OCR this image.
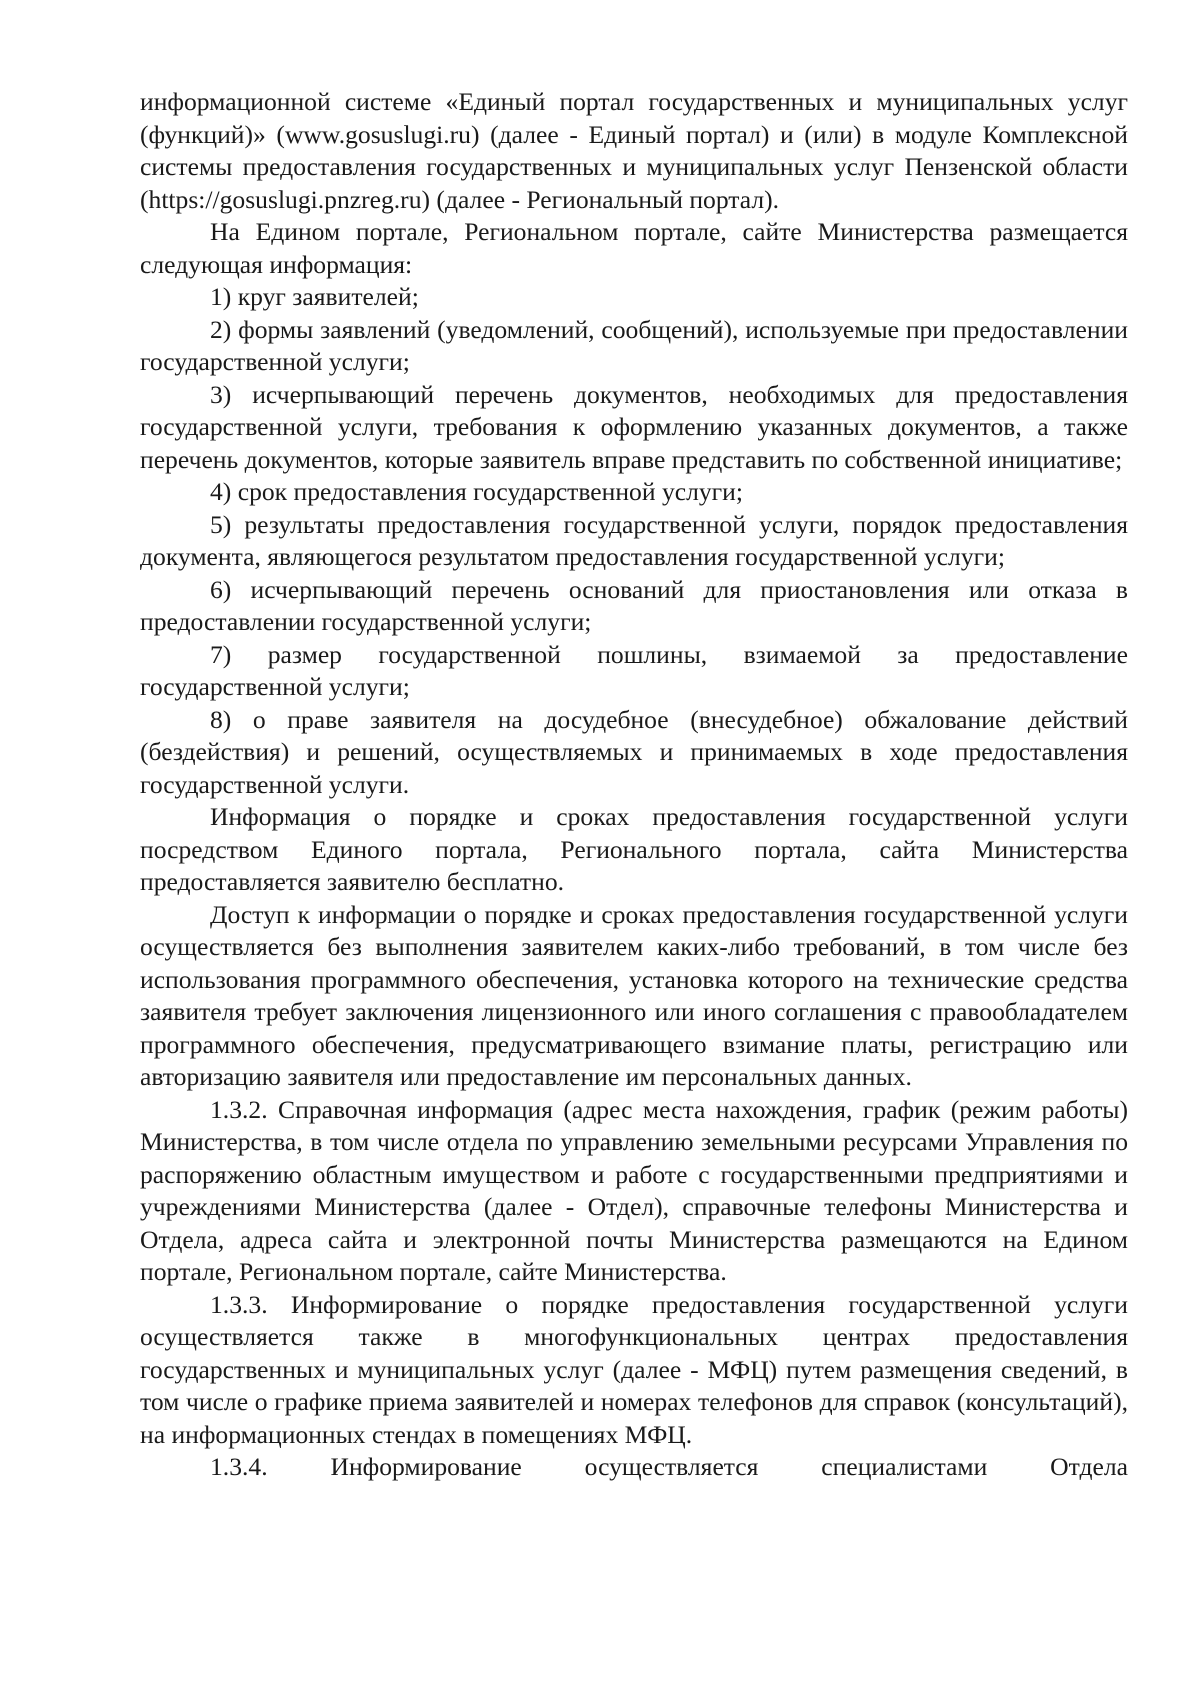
информационной системе «Единый портал государственных и муниципальных услуг (функций)» (www.gosuslugi.ru) (далее - Единый портал) и (или) в модуле Комплексной системы предоставления государственных и муниципальных услуг Пензенской области (https://gosuslugi.pnzreg.ru) (далее - Региональный портал).

На Едином портале, Региональном портале, сайте Министерства размещается следующая информация:

1) круг заявителей;

2) формы заявлений (уведомлений, сообщений), используемые при предоставлении государственной услуги;

3) исчерпывающий перечень документов, необходимых для предоставления государственной услуги, требования к оформлению указанных документов, а также перечень документов, которые заявитель вправе представить по собственной инициативе;

4) срок предоставления государственной услуги;

5) результаты предоставления государственной услуги, порядок предоставления документа, являющегося результатом предоставления государственной услуги;

6) исчерпывающий перечень оснований для приостановления или отказа в предоставлении государственной услуги;

7) размер государственной пошлины, взимаемой за предоставление государственной услуги;

8) о праве заявителя на досудебное (внесудебное) обжалование действий (бездействия) и решений, осуществляемых и принимаемых в ходе предоставления государственной услуги.

Информация о порядке и сроках предоставления государственной услуги посредством Единого портала, Регионального портала, сайта Министерства предоставляется заявителю бесплатно.

Доступ к информации о порядке и сроках предоставления государственной услуги осуществляется без выполнения заявителем каких-либо требований, в том числе без использования программного обеспечения, установка которого на технические средства заявителя требует заключения лицензионного или иного соглашения с правообладателем программного обеспечения, предусматривающего взимание платы, регистрацию или авторизацию заявителя или предоставление им персональных данных.

1.3.2. Справочная информация (адрес места нахождения, график (режим работы) Министерства, в том числе отдела по управлению земельными ресурсами Управления по распоряжению областным имуществом и работе с государственными предприятиями и учреждениями Министерства (далее - Отдел), справочные телефоны Министерства и Отдела, адреса сайта и электронной почты Министерства размещаются на Едином портале, Региональном портале, сайте Министерства.

1.3.3. Информирование о порядке предоставления государственной услуги осуществляется также в многофункциональных центрах предоставления государственных и муниципальных услуг (далее - МФЦ) путем размещения сведений, в том числе о графике приема заявителей и номерах телефонов для справок (консультаций), на информационных стендах в помещениях МФЦ.

1.3.4. Информирование осуществляется специалистами Отдела
